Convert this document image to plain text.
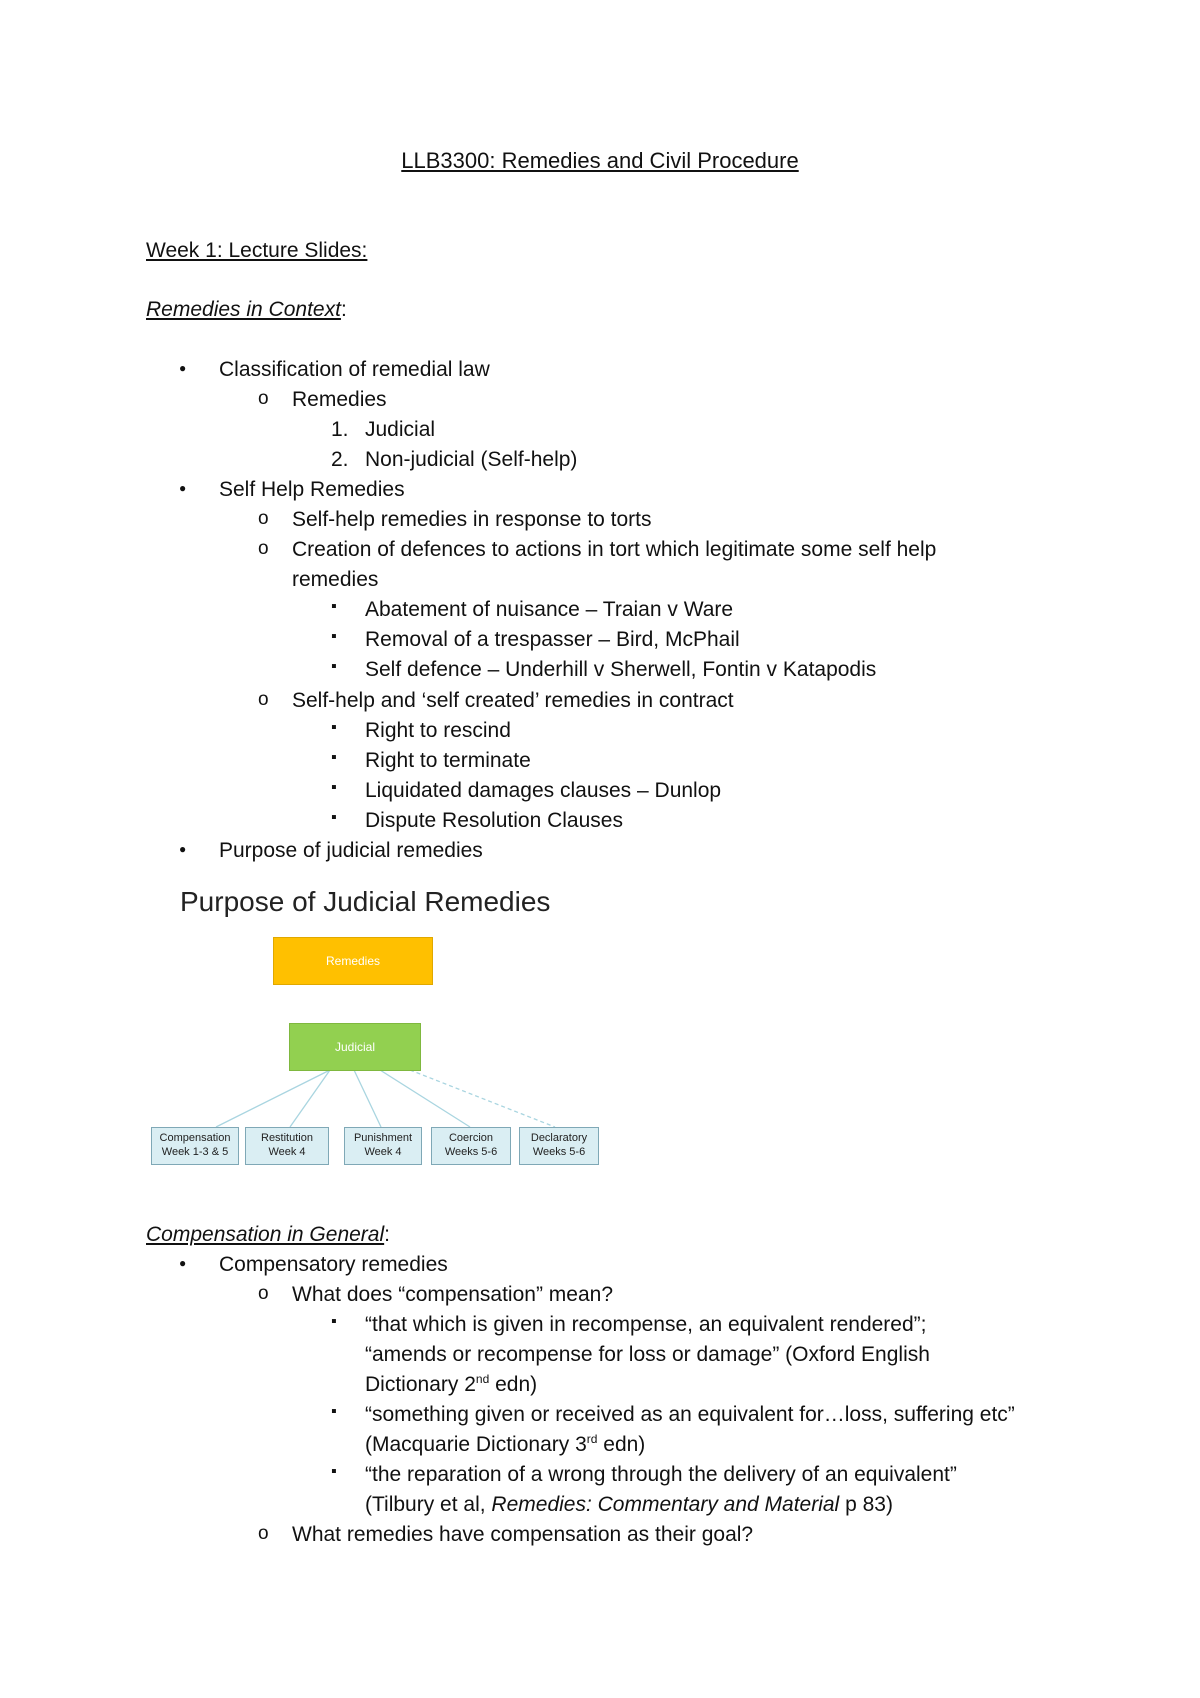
LLB3300: Remedies and Civil Procedure
Week 1: Lecture Slides:
Remedies in Context:
● Classification of remedial law
o Remedies
1. Judicial
2. Non-judicial (Self-help)
● Self Help Remedies
o Self-help remedies in response to torts
o Creation of defences to actions in tort which legitimate some self help
remedies
▪ Abatement of nuisance – Traian v Ware
▪ Removal of a trespasser – Bird, McPhail
▪ Self defence – Underhill v Sherwell, Fontin v Katapodis
o Self-help and ‘self created’ remedies in contract
▪ Right to rescind
▪ Right to terminate
▪ Liquidated damages clauses – Dunlop
▪ Dispute Resolution Clauses
● Purpose of judicial remedies
Purpose of Judicial Remedies
Remedies
Judicial
Compensation
Week 1-3 & 5
Restitution
Week 4
Punishment
Week 4
Coercion
Weeks 5-6
Declaratory
Weeks 5-6
Compensation in General:
● Compensatory remedies
o What does “compensation” mean?
▪ “that which is given in recompense, an equivalent rendered”;
“amends or recompense for loss or damage” (Oxford English
Dictionary 2nd edn)
▪ “something given or received as an equivalent for…loss, suffering etc”
(Macquarie Dictionary 3rd edn)
▪ “the reparation of a wrong through the delivery of an equivalent”
(Tilbury et al, Remedies: Commentary and Material p 83)
o What remedies have compensation as their goal?
